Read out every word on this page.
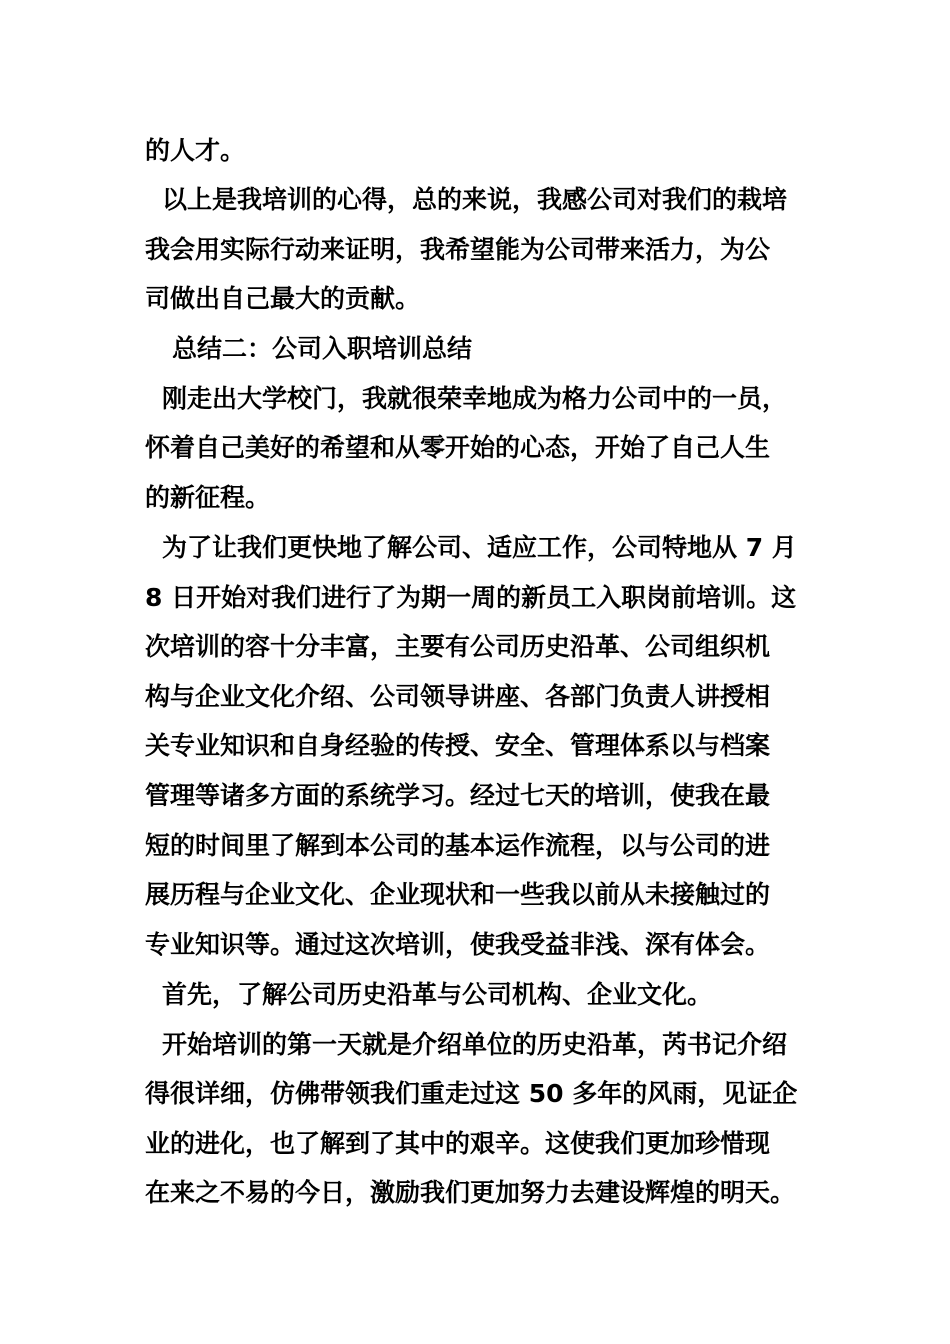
的人才。
以上是我培训的心得，总的来说，我感公司对我们的栽培
我会用实际行动来证明，我希望能为公司带来活力，为公
司做出自己最大的贡献。
总结二：公司入职培训总结
刚走出大学校门，我就很荣幸地成为格力公司中的一员，
怀着自己美好的希望和从零开始的心态，开始了自己人生
的新征程。
为了让我们更快地了解公司、适应工作，公司特地从 7 月
8 日开始对我们进行了为期一周的新员工入职岗前培训。这
次培训的容十分丰富，主要有公司历史沿革、公司组织机
构与企业文化介绍、公司领导讲座、各部门负责人讲授相
关专业知识和自身经验的传授、安全、管理体系以与档案
管理等诸多方面的系统学习。经过七天的培训，使我在最
短的时间里了解到本公司的基本运作流程，以与公司的进
展历程与企业文化、企业现状和一些我以前从未接触过的
专业知识等。通过这次培训，使我受益非浅、深有体会。
首先，了解公司历史沿革与公司机构、企业文化。
开始培训的第一天就是介绍单位的历史沿革，芮书记介绍
得很详细，仿佛带领我们重走过这 50 多年的风雨，见证企
业的进化，也了解到了其中的艰辛。这使我们更加珍惜现
在来之不易的今日，激励我们更加努力去建设辉煌的明天。
